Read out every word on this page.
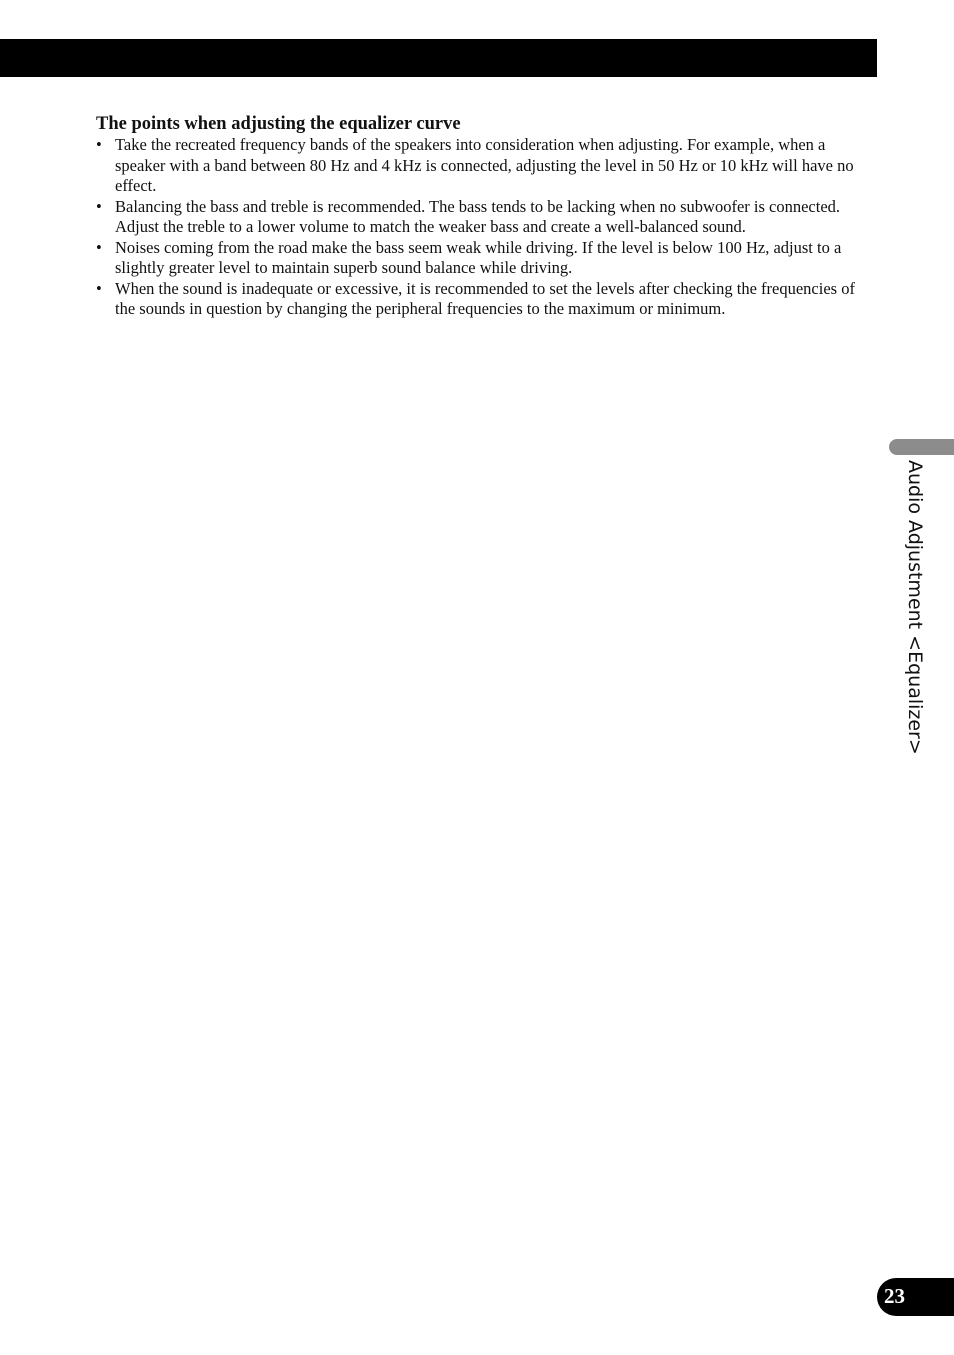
The points when adjusting the equalizer curve
• Take the recreated frequency bands of the speakers into consideration when adjusting. For example, when a speaker with a band between 80 Hz and 4 kHz is connected, adjusting the level in 50 Hz or 10 kHz will have no effect.
• Balancing the bass and treble is recommended. The bass tends to be lacking when no subwoofer is connected. Adjust the treble to a lower volume to match the weaker bass and create a well-balanced sound.
• Noises coming from the road make the bass seem weak while driving. If the level is below 100 Hz, adjust to a slightly greater level to maintain superb sound balance while driving.
• When the sound is inadequate or excessive, it is recommended to set the levels after checking the frequencies of the sounds in question by changing the peripheral frequencies to the maximum or minimum.
Audio Adjustment <Equalizer>
23
